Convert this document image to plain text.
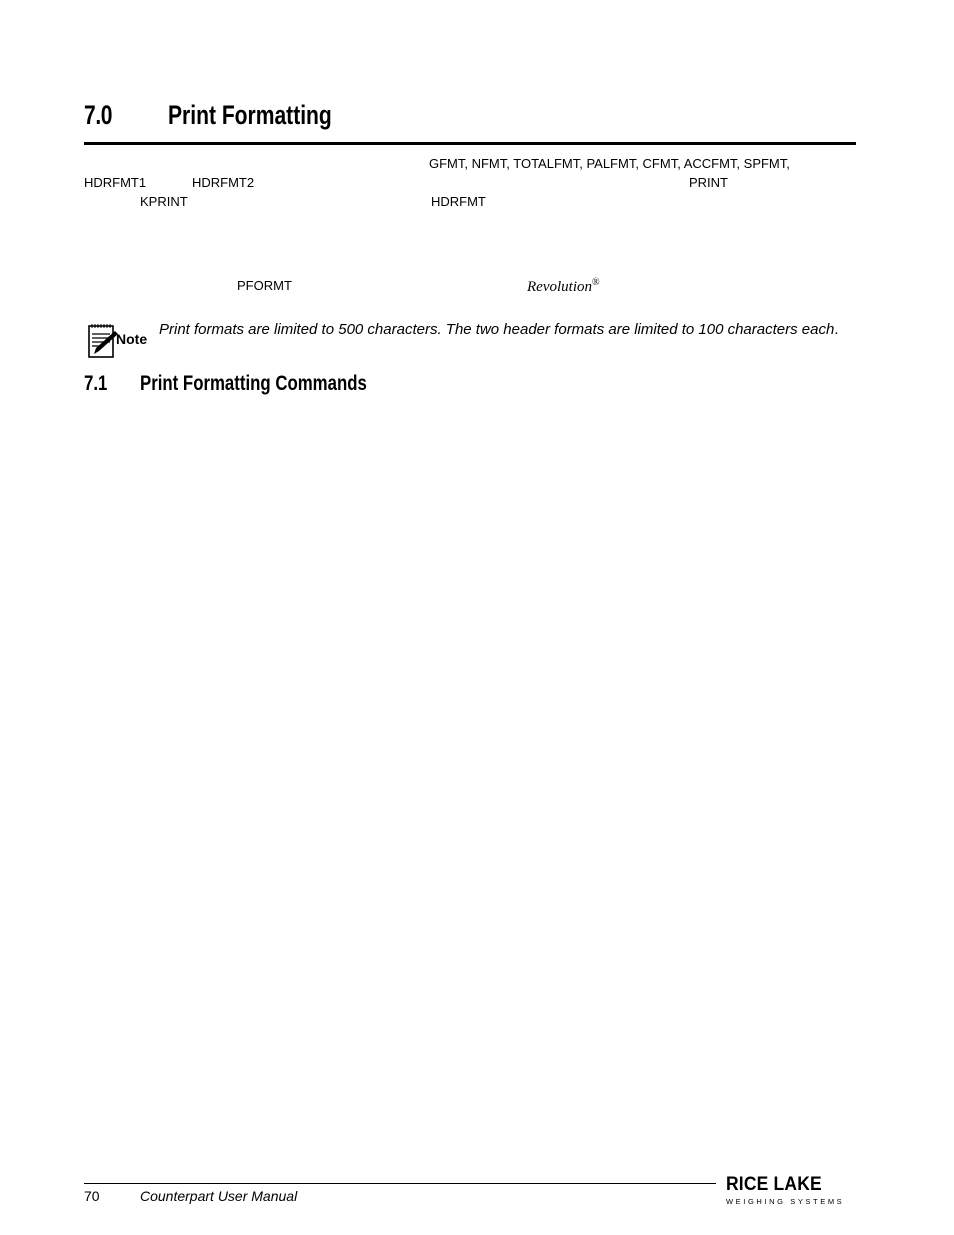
7.0 Print Formatting
GFMT, NFMT, TOTALFMT, PALFMT, CFMT, ACCFMT, SPFMT,
HDRFMT1	HDRFMT2	PRINT
KPRINT	HDRFMT
PFORMT	Revolution®
Note
Print formats are limited to 500 characters. The two header formats are limited to 100 characters each.
7.1 Print Formatting Commands
70	Counterpart User Manual
RICE LAKE
WEIGHING SYSTEMS
